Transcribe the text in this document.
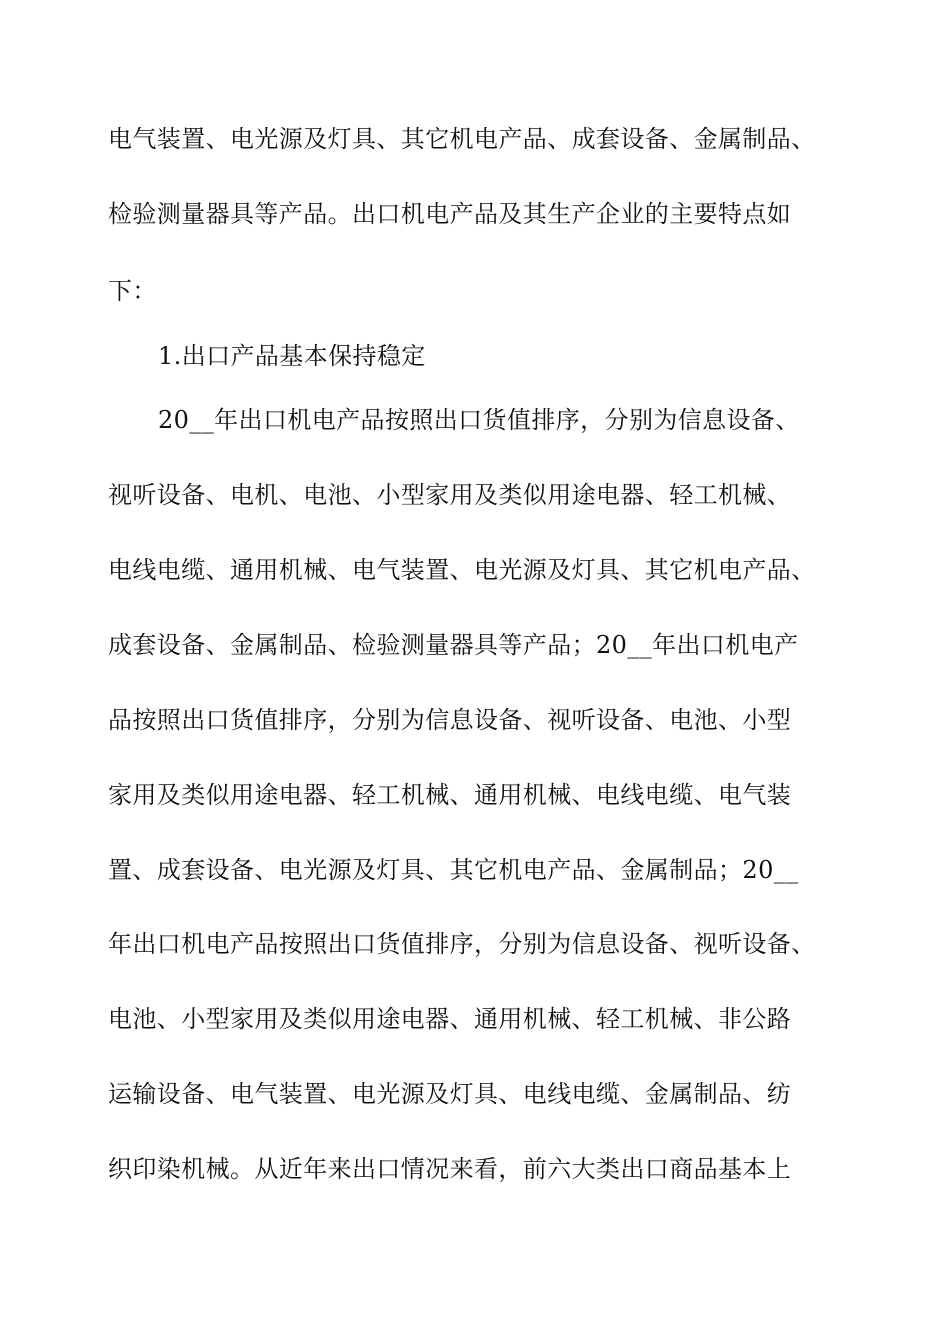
电气装置、电光源及灯具、其它机电产品、成套设备、金属制品、
检验测量器具等产品。出口机电产品及其生产企业的主要特点如
下：
1.出口产品基本保持稳定
20__年出口机电产品按照出口货值排序，分别为信息设备、
视听设备、电机、电池、小型家用及类似用途电器、轻工机械、
电线电缆、通用机械、电气装置、电光源及灯具、其它机电产品、
成套设备、金属制品、检验测量器具等产品；20__年出口机电产
品按照出口货值排序，分别为信息设备、视听设备、电池、小型
家用及类似用途电器、轻工机械、通用机械、电线电缆、电气装
置、成套设备、电光源及灯具、其它机电产品、金属制品；20__
年出口机电产品按照出口货值排序，分别为信息设备、视听设备、
电池、小型家用及类似用途电器、通用机械、轻工机械、非公路
运输设备、电气装置、电光源及灯具、电线电缆、金属制品、纺
织印染机械。从近年来出口情况来看，前六大类出口商品基本上
